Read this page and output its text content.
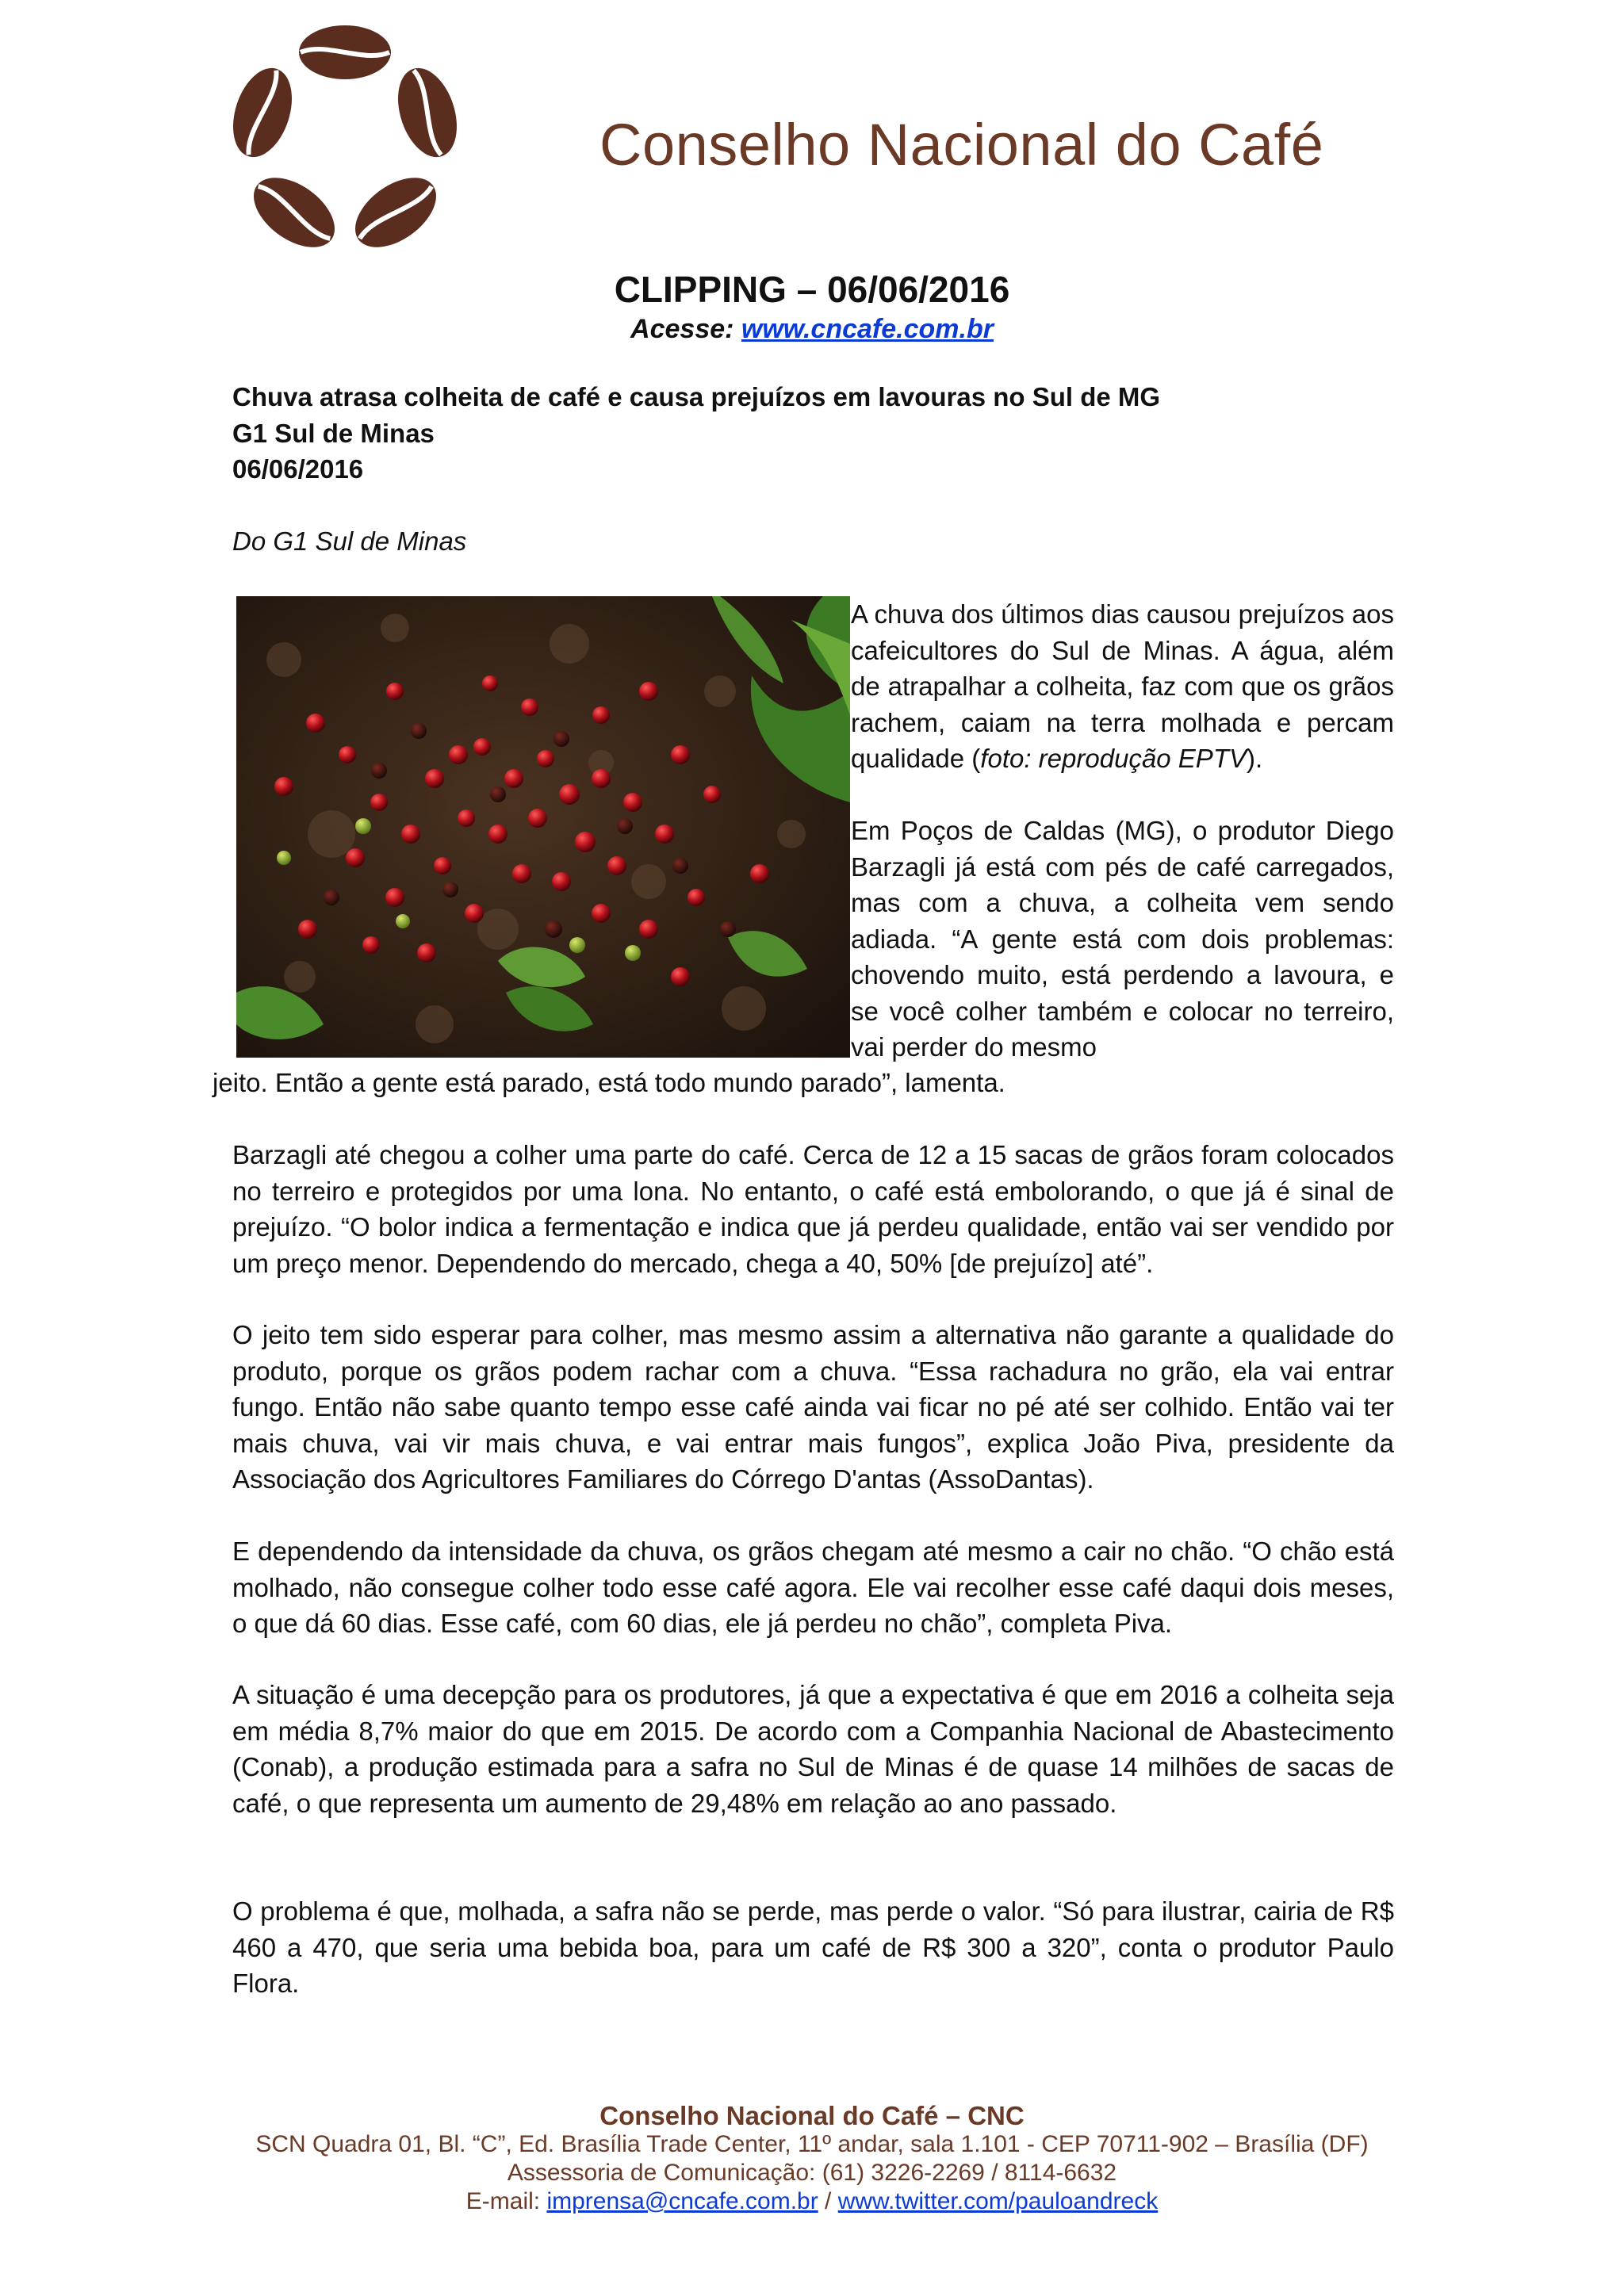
Conselho Nacional do Café
CLIPPING – 06/06/2016
Acesse: www.cncafe.com.br
Chuva atrasa colheita de café e causa prejuízos em lavouras no Sul de MG
G1 Sul de Minas
06/06/2016
Do G1 Sul de Minas
A chuva dos últimos dias causou prejuízos aos cafeicultores do Sul de Minas. A água, além de atrapalhar a colheita, faz com que os grãos rachem, caiam na terra molhada e percam qualidade (foto: reprodução EPTV).
Em Poços de Caldas (MG), o produtor Diego Barzagli já está com pés de café carregados, mas com a chuva, a colheita vem sendo adiada. “A gente está com dois problemas: chovendo muito, está perdendo a lavoura, e se você colher também e colocar no terreiro, vai perder do mesmo
jeito. Então a gente está parado, está todo mundo parado”, lamenta.
Barzagli até chegou a colher uma parte do café. Cerca de 12 a 15 sacas de grãos foram colocados no terreiro e protegidos por uma lona. No entanto, o café está embolorando, o que já é sinal de prejuízo. “O bolor indica a fermentação e indica que já perdeu qualidade, então vai ser vendido por um preço menor. Dependendo do mercado, chega a 40, 50% [de prejuízo] até”.
O jeito tem sido esperar para colher, mas mesmo assim a alternativa não garante a qualidade do produto, porque os grãos podem rachar com a chuva. “Essa rachadura no grão, ela vai entrar fungo. Então não sabe quanto tempo esse café ainda vai ficar no pé até ser colhido. Então vai ter mais chuva, vai vir mais chuva, e vai entrar mais fungos”, explica João Piva, presidente da Associação dos Agricultores Familiares do Córrego D'antas (AssoDantas).
E dependendo da intensidade da chuva, os grãos chegam até mesmo a cair no chão. “O chão está molhado, não consegue colher todo esse café agora. Ele vai recolher esse café daqui dois meses, o que dá 60 dias. Esse café, com 60 dias, ele já perdeu no chão”, completa Piva.
A situação é uma decepção para os produtores, já que a expectativa é que em 2016 a colheita seja em média 8,7% maior do que em 2015. De acordo com a Companhia Nacional de Abastecimento (Conab), a produção estimada para a safra no Sul de Minas é de quase 14 milhões de sacas de café, o que representa um aumento de 29,48% em relação ao ano passado.
O problema é que, molhada, a safra não se perde, mas perde o valor. “Só para ilustrar, cairia de R$ 460 a 470, que seria uma bebida boa, para um café de R$ 300 a 320”, conta o produtor Paulo Flora.
Conselho Nacional do Café – CNC
SCN Quadra 01, Bl. “C”, Ed. Brasília Trade Center, 11º andar, sala 1.101 - CEP 70711-902 – Brasília (DF)
Assessoria de Comunicação: (61) 3226-2269 / 8114-6632
E-mail: imprensa@cncafe.com.br / www.twitter.com/pauloandreck
